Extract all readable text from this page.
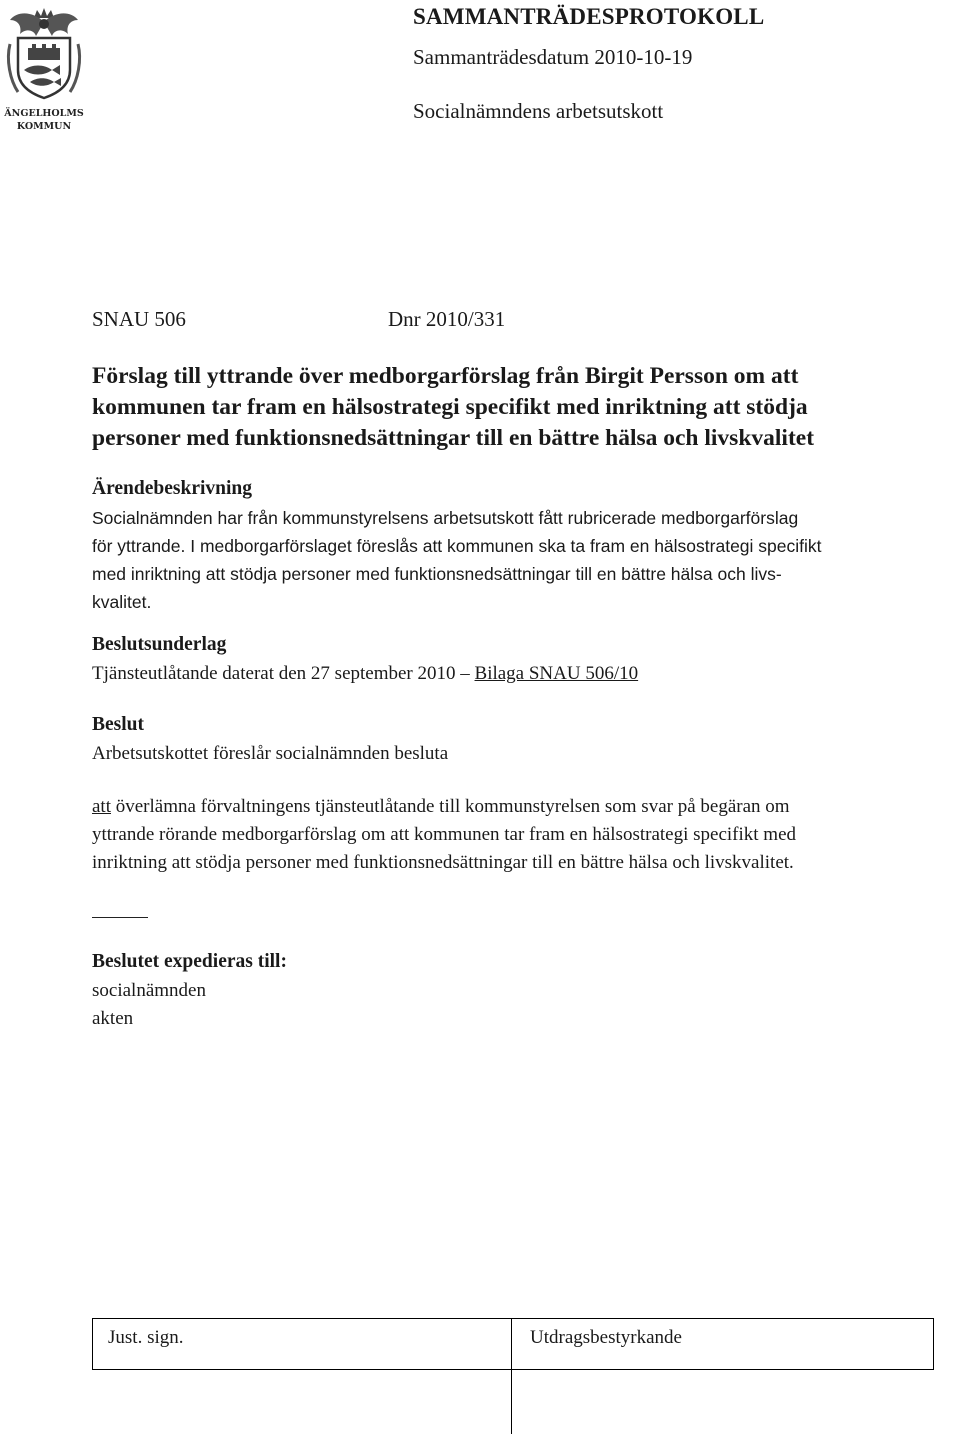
ÄNGELHOLMS
KOMMUN
SAMMANTRÄDESPROTOKOLL
Sammanträdesdatum 2010-10-19
Socialnämndens arbetsutskott
SNAU 506	Dnr 2010/331
Förslag till yttrande över medborgarförslag från Birgit Persson om att
kommunen tar fram en hälsostrategi specifikt med inriktning att stödja
personer med funktionsnedsättningar till en bättre hälsa och livskvalitet
Ärendebeskrivning
Socialnämnden har från kommunstyrelsens arbetsutskott fått rubricerade medborgarförslag
för yttrande. I medborgarförslaget föreslås att kommunen ska ta fram en hälsostrategi specifikt
med inriktning att stödja personer med funktionsnedsättningar till en bättre hälsa och livs-
kvalitet.
Beslutsunderlag
Tjänsteutlåtande daterat den 27 september 2010 – Bilaga SNAU 506/10
Beslut
Arbetsutskottet föreslår socialnämnden besluta
att överlämna förvaltningens tjänsteutlåtande till kommunstyrelsen som svar på begäran om
yttrande rörande medborgarförslag om att kommunen tar fram en hälsostrategi specifikt med
inriktning att stödja personer med funktionsnedsättningar till en bättre hälsa och livskvalitet.
Beslutet expedieras till:
socialnämnden
akten
Just. sign.	Utdragsbestyrkande
